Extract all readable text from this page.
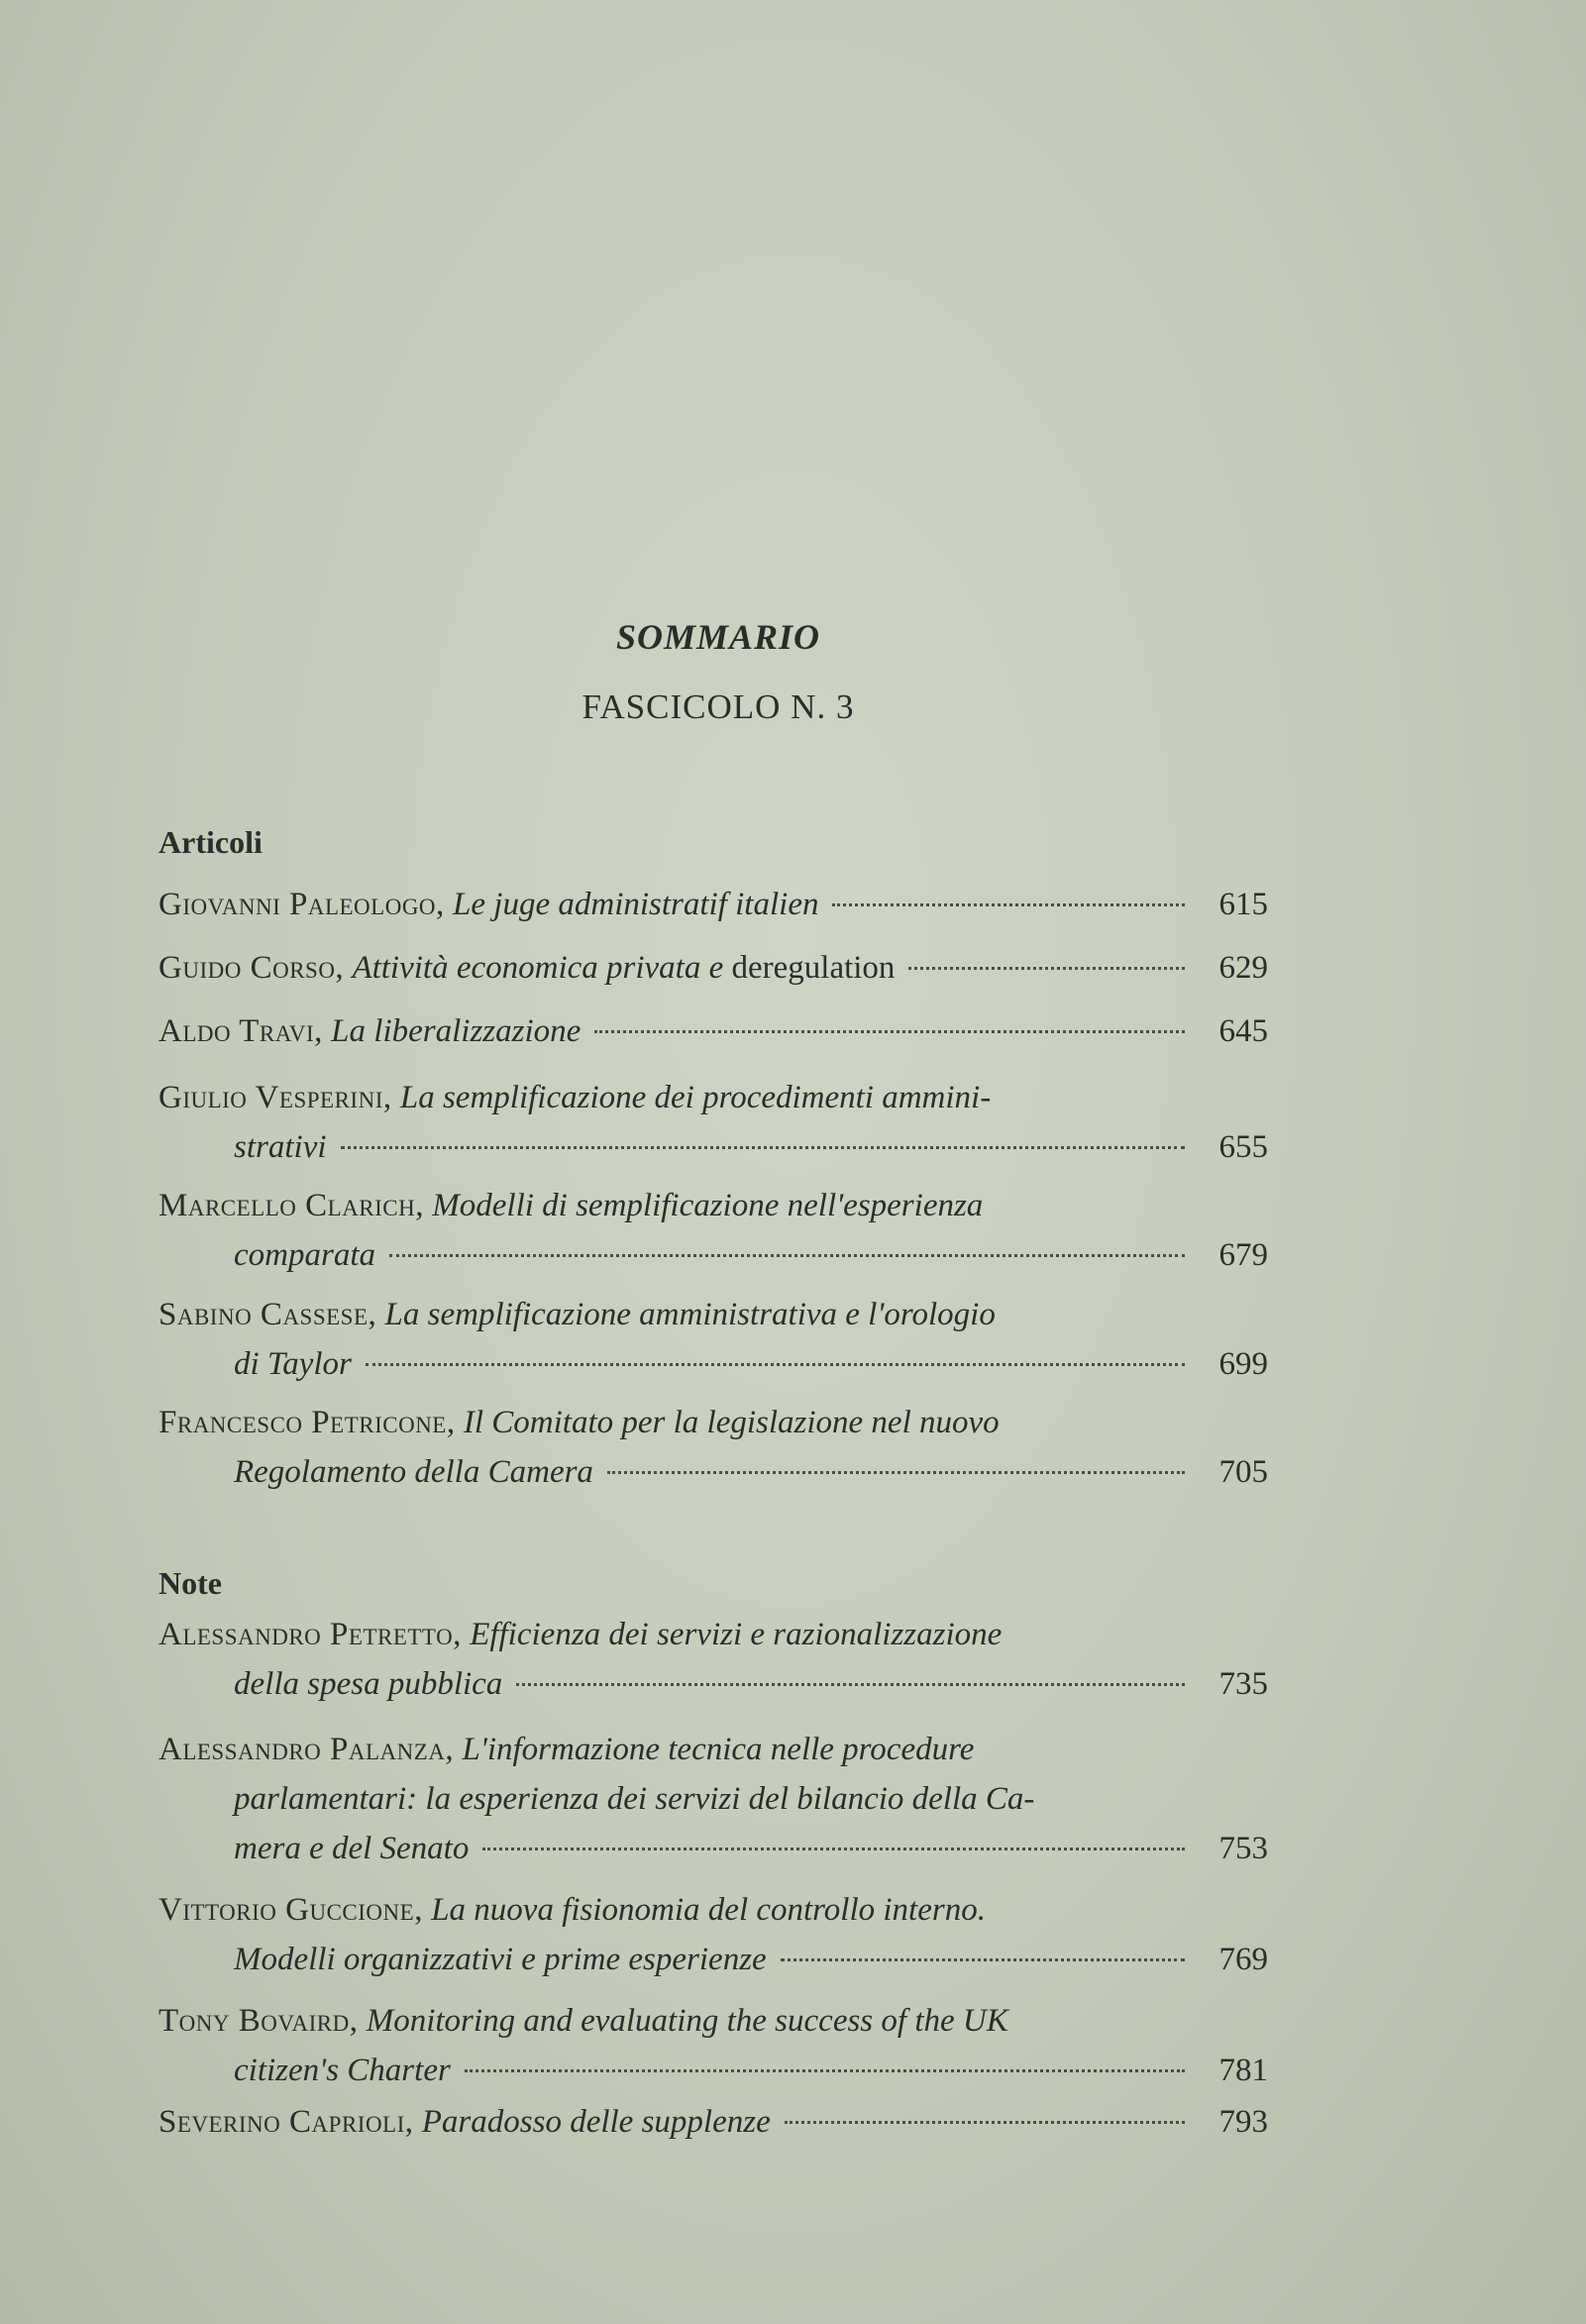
SOMMARIO
FASCICOLO N. 3
Articoli
Giovanni Paleologo,
Le juge administratif italien	615
Guido Corso,
Attività economica privata e
deregulation	629
Aldo Travi,
La liberalizzazione	645
Giulio Vesperini,
La semplificazione dei procedimenti ammini-
strativi	655
Marcello Clarich,
Modelli di semplificazione nell'esperienza
comparata	679
Sabino Cassese,
La semplificazione amministrativa e l'orologio
di Taylor	699
Francesco Petricone,
Il Comitato per la legislazione nel nuovo
Regolamento della Camera	705
Note
Alessandro Petretto,
Efficienza dei servizi e razionalizzazione
della spesa pubblica	735
Alessandro Palanza,
L'informazione tecnica nelle procedure
parlamentari: la esperienza dei servizi del bilancio della Ca-
mera e del Senato	753
Vittorio Guccione,
La nuova fisionomia del controllo interno.
Modelli organizzativi e prime esperienze	769
Tony Bovaird,
Monitoring and evaluating the success of the UK
citizen's Charter	781
Severino Caprioli,
Paradosso delle supplenze	793
